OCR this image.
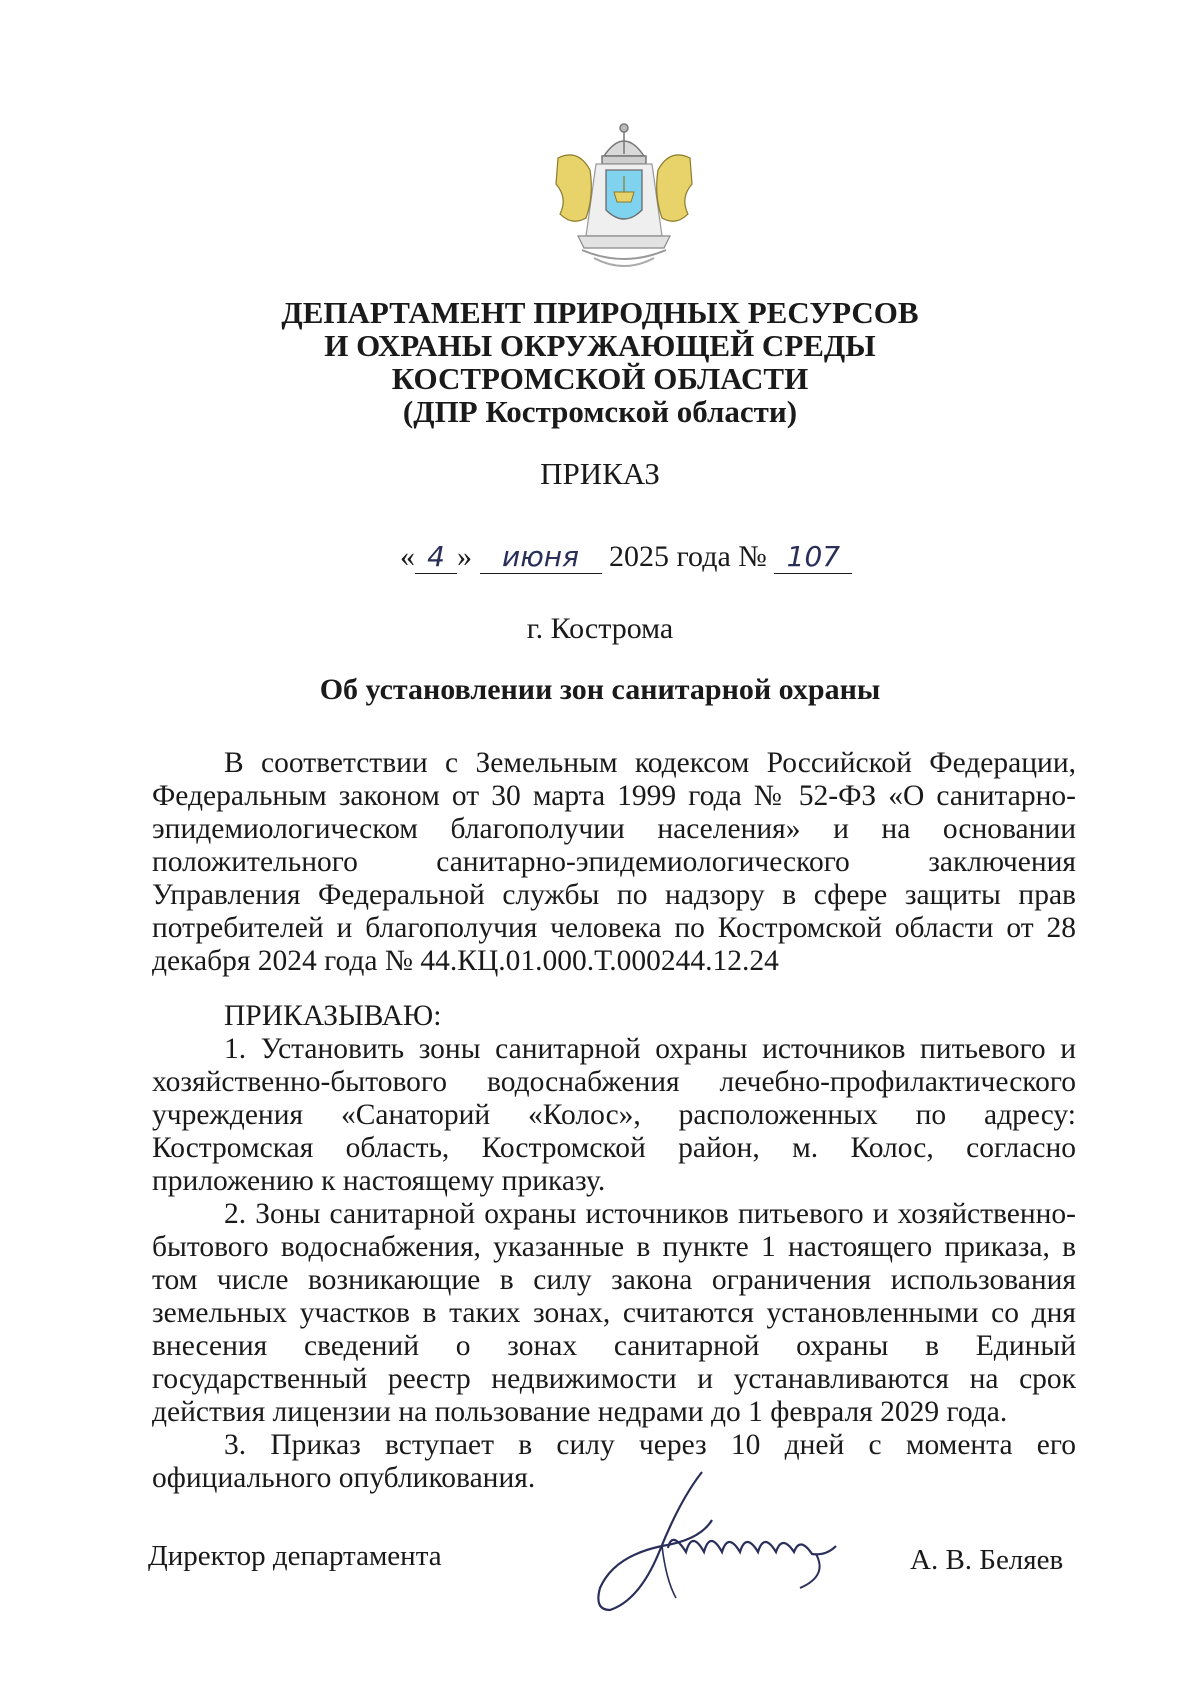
ДЕПАРТАМЕНТ ПРИРОДНЫХ РЕСУРСОВ
И ОХРАНЫ ОКРУЖАЮЩЕЙ СРЕДЫ
КОСТРОМСКОЙ ОБЛАСТИ
(ДПР Костромской области)
ПРИКАЗ
« 4 » июня 2025 года № 107
г. Кострома
Об установлении зон санитарной охраны

В соответствии с Земельным кодексом Российской Федерации, Федеральным законом от 30 марта 1999 года № 52-ФЗ «О санитарно-эпидемиологическом благополучии населения» и на основании положительного санитарно-эпидемиологического заключения Управления Федеральной службы по надзору в сфере защиты прав потребителей и благополучия человека по Костромской области от 28 декабря 2024 года № 44.КЦ.01.000.Т.000244.12.24

ПРИКАЗЫВАЮ:

1. Установить зоны санитарной охраны источников питьевого и хозяйственно-бытового водоснабжения лечебно-профилактического учреждения «Санаторий «Колос», расположенных по адресу: Костромская область, Костромской район, м. Колос, согласно приложению к настоящему приказу.

2. Зоны санитарной охраны источников питьевого и хозяйственно-бытового водоснабжения, указанные в пункте 1 настоящего приказа, в том числе возникающие в силу закона ограничения использования земельных участков в таких зонах, считаются установленными со дня внесения сведений о зонах санитарной охраны в Единый государственный реестр недвижимости и устанавливаются на срок действия лицензии на пользование недрами до 1 февраля 2029 года.

3. Приказ вступает в силу через 10 дней с момента его официального опубликования.

Директор департамента	А. В. Беляев
